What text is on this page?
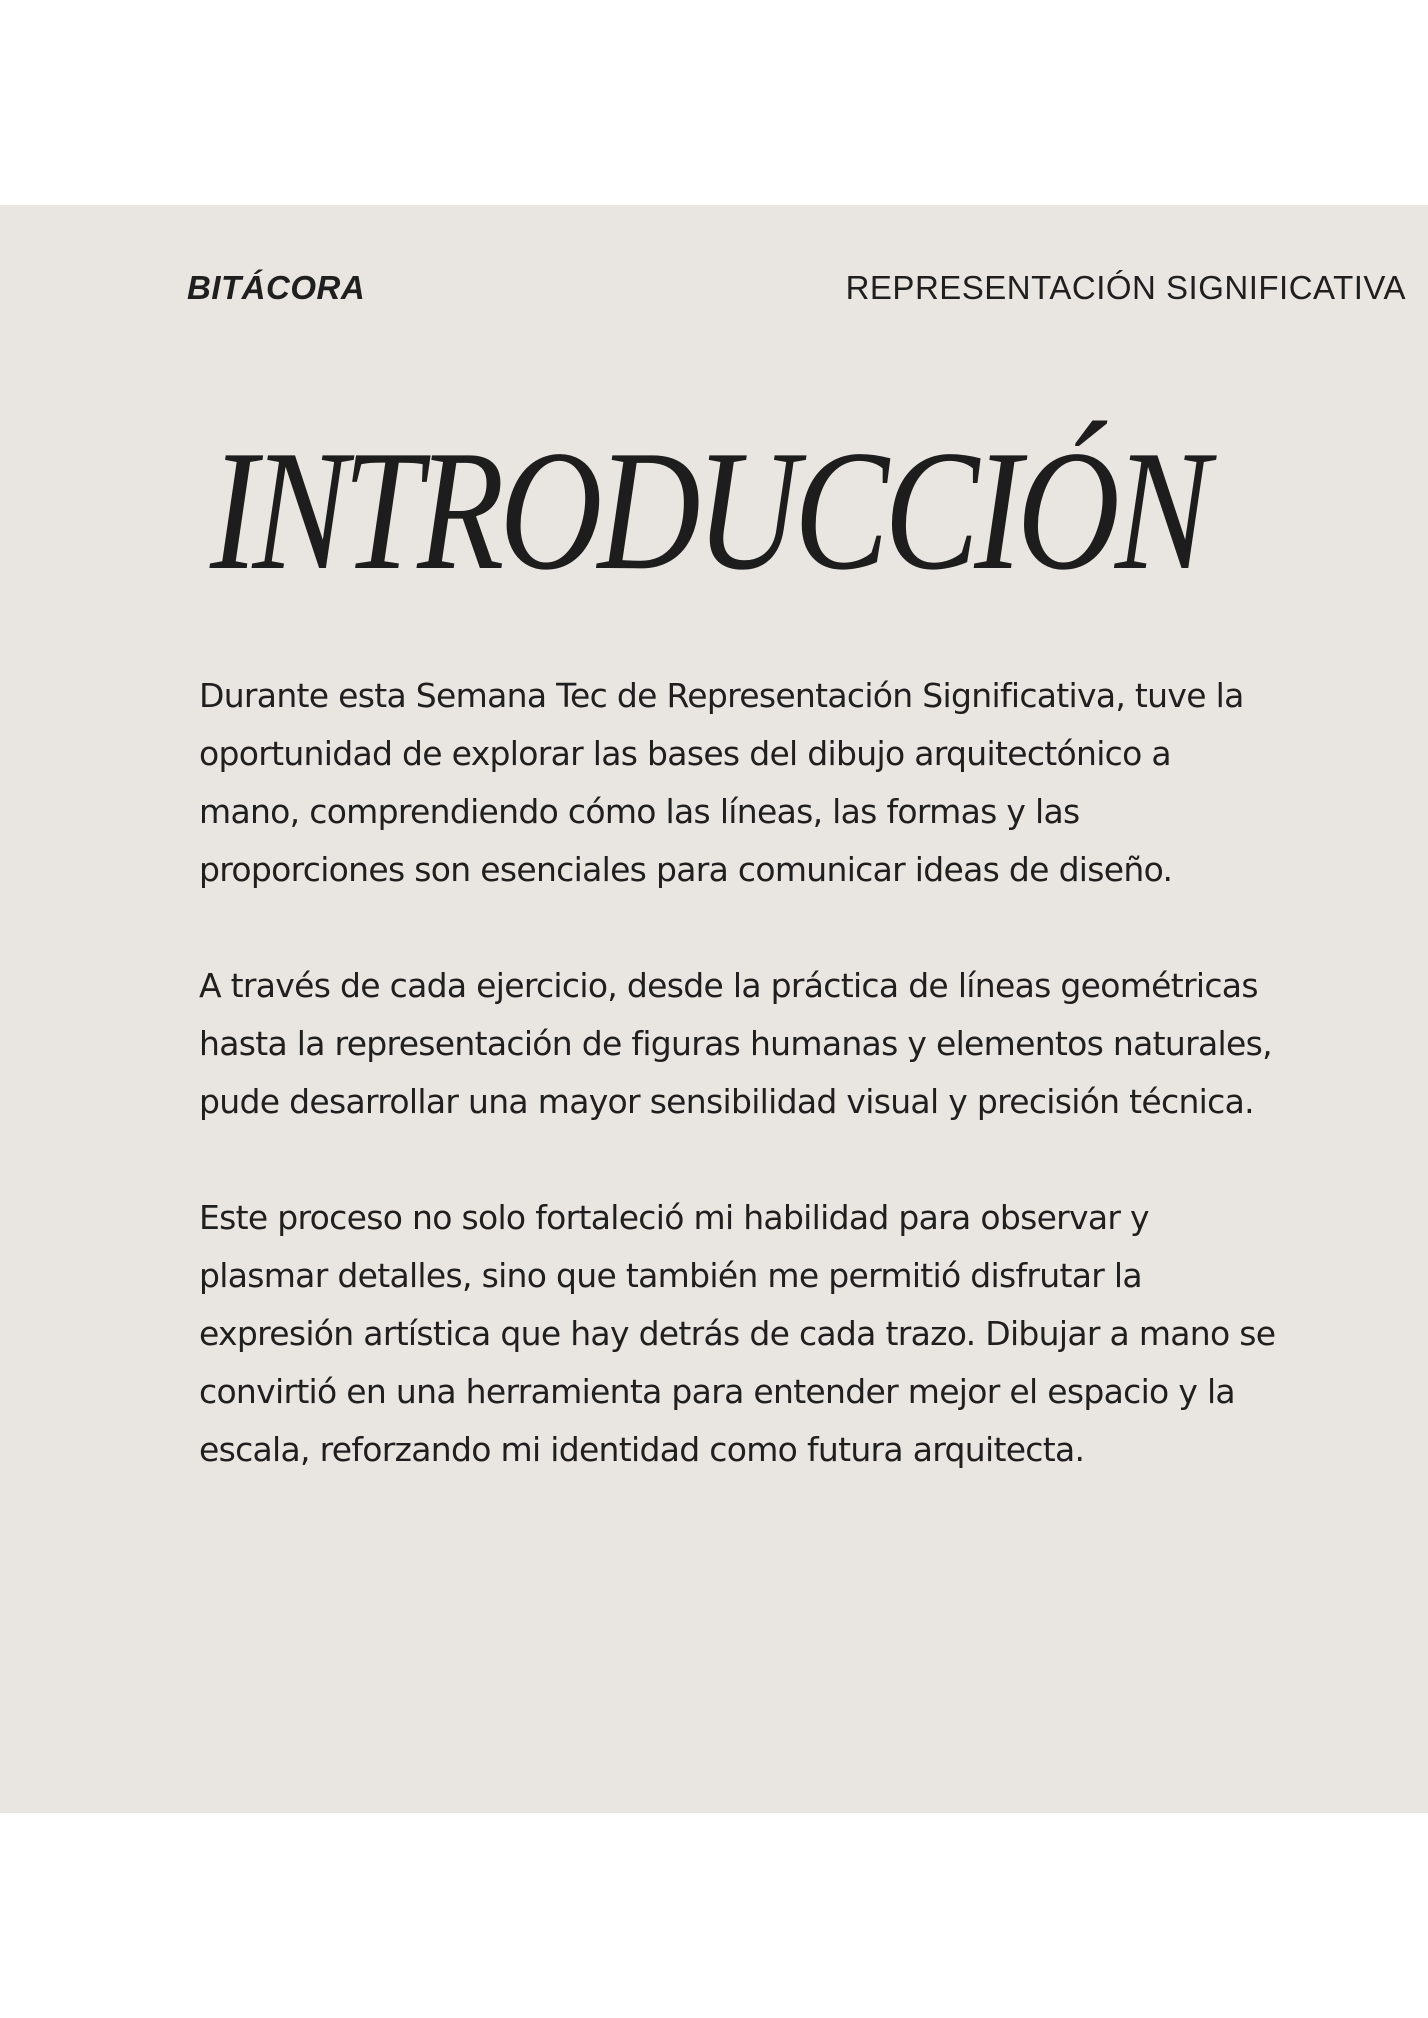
BITÁCORA	REPRESENTACIÓN SIGNIFICATIVA
INTRODUCCIÓN

Durante esta Semana Tec de Representación Significativa, tuve la
oportunidad de explorar las bases del dibujo arquitectónico a
mano, comprendiendo cómo las líneas, las formas y las
proporciones son esenciales para comunicar ideas de diseño.

A través de cada ejercicio, desde la práctica de líneas geométricas
hasta la representación de figuras humanas y elementos naturales,
pude desarrollar una mayor sensibilidad visual y precisión técnica.

Este proceso no solo fortaleció mi habilidad para observar y
plasmar detalles, sino que también me permitió disfrutar la
expresión artística que hay detrás de cada trazo. Dibujar a mano se
convirtió en una herramienta para entender mejor el espacio y la
escala, reforzando mi identidad como futura arquitecta.
